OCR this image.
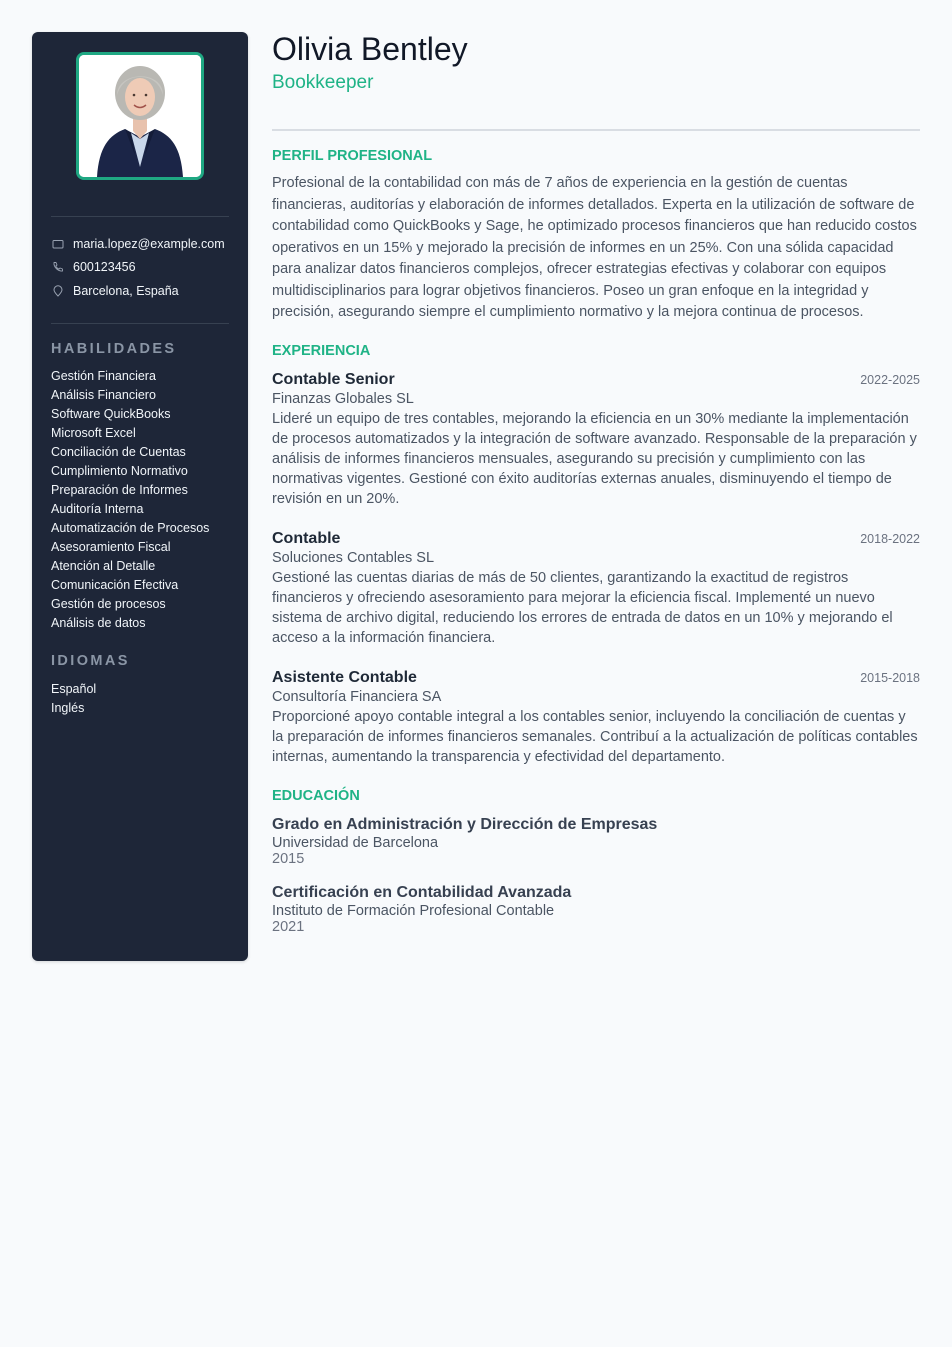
maria.lopez@example.com
600123456
Barcelona, España
HABILIDADES
Gestión Financiera
Análisis Financiero
Software QuickBooks
Microsoft Excel
Conciliación de Cuentas
Cumplimiento Normativo
Preparación de Informes
Auditoría Interna
Automatización de Procesos
Asesoramiento Fiscal
Atención al Detalle
Comunicación Efectiva
Gestión de procesos
Análisis de datos
IDIOMAS
Español
Inglés
Olivia Bentley
Bookkeeper
PERFIL PROFESIONAL

Profesional de la contabilidad con más de 7 años de experiencia en la gestión de cuentas financieras, auditorías y elaboración de informes detallados. Experta en la utilización de software de contabilidad como QuickBooks y Sage, he optimizado procesos financieros que han reducido costos operativos en un 15% y mejorado la precisión de informes en un 25%. Con una sólida capacidad para analizar datos financieros complejos, ofrecer estrategias efectivas y colaborar con equipos multidisciplinarios para lograr objetivos financieros. Poseo un gran enfoque en la integridad y precisión, asegurando siempre el cumplimiento normativo y la mejora continua de procesos.

EXPERIENCIA
Contable Senior	2022-2025
Finanzas Globales SL

Lideré un equipo de tres contables, mejorando la eficiencia en un 30% mediante la implementación de procesos automatizados y la integración de software avanzado. Responsable de la preparación y análisis de informes financieros mensuales, asegurando su precisión y cumplimiento con las normativas vigentes. Gestioné con éxito auditorías externas anuales, disminuyendo el tiempo de revisión en un 20%.

Contable	2018-2022
Soluciones Contables SL

Gestioné las cuentas diarias de más de 50 clientes, garantizando la exactitud de registros financieros y ofreciendo asesoramiento para mejorar la eficiencia fiscal. Implementé un nuevo sistema de archivo digital, reduciendo los errores de entrada de datos en un 10% y mejorando el acceso a la información financiera.

Asistente Contable	2015-2018
Consultoría Financiera SA

Proporcioné apoyo contable integral a los contables senior, incluyendo la conciliación de cuentas y la preparación de informes financieros semanales. Contribuí a la actualización de políticas contables internas, aumentando la transparencia y efectividad del departamento.

EDUCACIÓN
Grado en Administración y Dirección de Empresas
Universidad de Barcelona
2015
Certificación en Contabilidad Avanzada
Instituto de Formación Profesional Contable
2021
